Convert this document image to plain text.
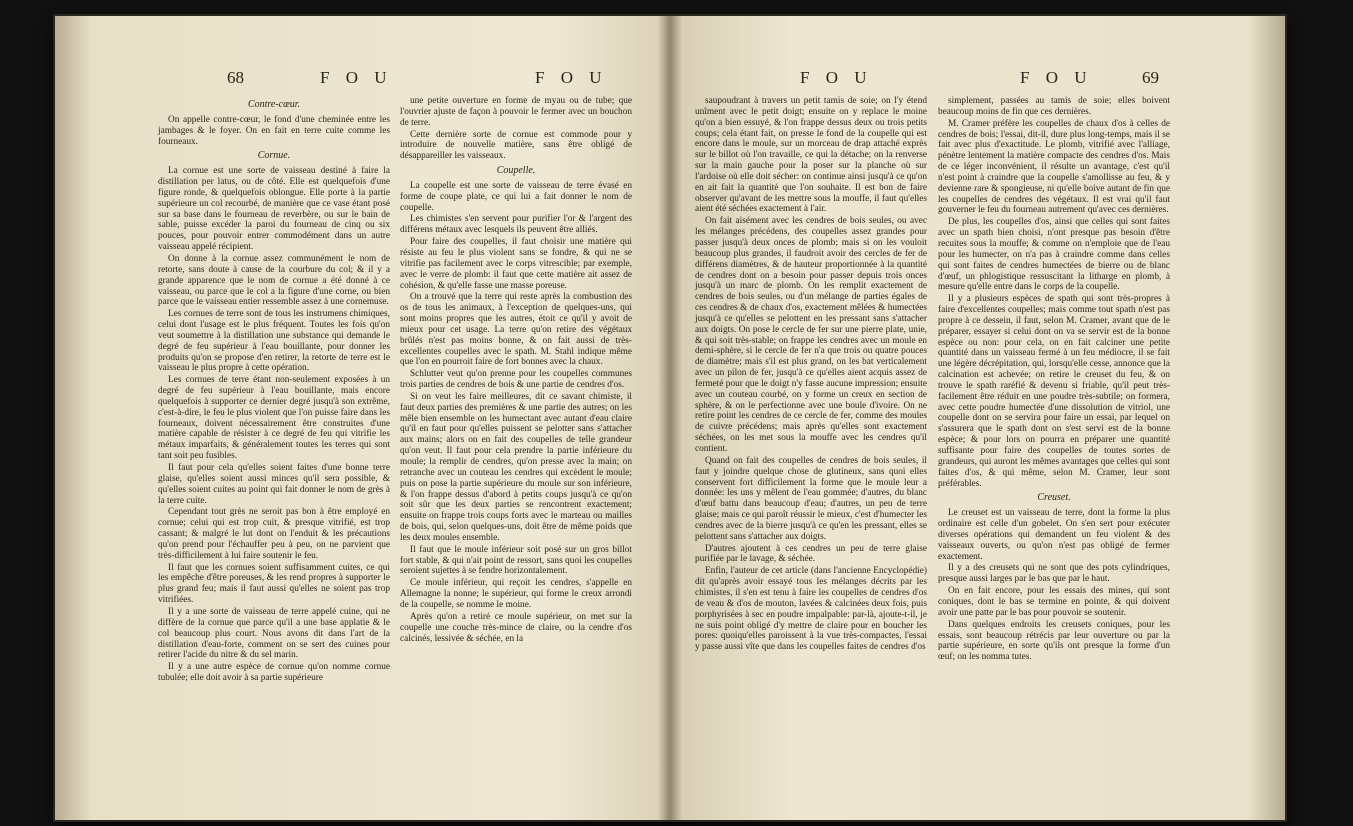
68	F O U	F O U
Contre-cœur.

On appelle contre-cœur, le fond d'une cheminée entre les jambages & le foyer. On en fait en terre cuite comme les fourneaux.

Cornue.

La cornue est une sorte de vaisseau destiné à faire la distillation per latus, ou de côté. Elle est quelquefois d'une figure ronde, & quelquefois oblongue. Elle porte à la partie supérieure un col recourbé, de manière que ce vase étant posé sur sa base dans le fourneau de reverbère, ou sur le bain de sable, puisse excéder la paroi du fourneau de cinq ou six pouces, pour pouvoir entrer commodément dans un autre vaisseau appelé récipient.

On donne à la cornue assez communément le nom de retorte, sans doute à cause de la courbure du col; & il y a grande apparence que le nom de cornue a été donné à ce vaisseau, ou parce que le col a la figure d'une corne, ou bien parce que le vaisseau entier ressemble assez à une cornemuse.

Les cornues de terre sont de tous les instrumens chimiques, celui dont l'usage est le plus fréquent. Toutes les fois qu'on veut soumettre à la distillation une substance qui demande le degré de feu supérieur à l'eau bouillante, pour donner les produits qu'on se propose d'en retirer, la retorte de terre est le vaisseau le plus propre à cette opération.

Les cornues de terre étant non-seulement exposées à un degré de feu supérieur à l'eau bouillante, mais encore quelquefois à supporter ce dernier degré jusqu'à son extrême, c'est-à-dire, le feu le plus violent que l'on puisse faire dans les fourneaux, doivent nécessairement être construites d'une matière capable de résister à ce degré de feu qui vitrifie les métaux imparfaits, & généralement toutes les terres qui sont tant soit peu fusibles.

Il faut pour cela qu'elles soient faites d'une bonne terre glaise, qu'elles soient aussi minces qu'il sera possible, & qu'elles soient cuites au point qui fait donner le nom de grès à la terre cuite.

Cependant tout grès ne seroit pas bon à être employé en cornue; celui qui est trop cuit, & presque vitrifié, est trop cassant; & malgré le lut dont on l'enduit & les précautions qu'on prend pour l'échauffer peu à peu, on ne parvient que très-difficilement à lui faire soutenir le feu.

Il faut que les cornues soient suffisamment cuites, ce qui les empêche d'être poreuses, & les rend propres à supporter le plus grand feu; mais il faut aussi qu'elles ne soient pas trop vitrifiées.

Il y a une sorte de vaisseau de terre appelé cuine, qui ne diffère de la cornue que parce qu'il a une base applatie & le col beaucoup plus court. Nous avons dit dans l'art de la distillation d'eau-forte, comment on se sert des cuines pour retirer l'acide du nitre & du sel marin.

Il y a une autre espèce de cornue qu'on nomme cornue tubulée; elle doit avoir à sa partie supérieure

une petite ouverture en forme de myau ou de tube; que l'ouvrier ajuste de façon à pouvoir le fermer avec un bouchon de terre.

Cette dernière sorte de cornue est commode pour y introduire de nouvelle matière, sans être obligé de désappareiller les vaisseaux.

Coupelle.

La coupelle est une sorte de vaisseau de terre évasé en forme de coupe plate, ce qui lui a fait donner le nom de coupelle.

Les chimistes s'en servent pour purifier l'or & l'argent des différens métaux avec lesquels ils peuvent être alliés.

Pour faire des coupelles, il faut choisir une matière qui résiste au feu le plus violent sans se fondre, & qui ne se vitrifie pas facilement avec le corps vitrescible; par exemple, avec le verre de plomb: il faut que cette matière ait assez de cohésion, & qu'elle fasse une masse poreuse.

On a trouvé que la terre qui reste après la combustion des os de tous les animaux, à l'exception de quelques-uns, qui sont moins propres que les autres, étoit ce qu'il y avoit de mieux pour cet usage. La terre qu'on retire des végétaux brûlés n'est pas moins bonne, & on fait aussi de très-excellentes coupelles avec le spath. M. Stahl indique même que l'on en pourroit faire de fort bonnes avec la chaux.

Schlutter veut qu'on prenne pour les coupelles communes trois parties de cendres de bois & une partie de cendres d'os.

Si on veut les faire meilleures, dit ce savant chimiste, il faut deux parties des premières & une partie des autres; on les mêle bien ensemble on les humectant avec autant d'eau claire qu'il en faut pour qu'elles puissent se pelotter sans s'attacher aux mains; alors on en fait des coupelles de telle grandeur qu'on veut. Il faut pour cela prendre la partie inférieure du moule; la remplir de cendres, qu'on presse avec la main; on retranche avec un couteau les cendres qui excèdent le moule; puis on pose la partie supérieure du moule sur son inférieure, & l'on frappe dessus d'abord à petits coups jusqu'à ce qu'on soit sûr que les deux parties se rencontrent exactement; ensuite on frappe trois coups forts avec le marteau ou mailles de bois, qui, selon quelques-uns, doit être de même poids que les deux moules ensemble.

Il faut que le moule inférieur soit posé sur un gros billot fort stable, & qui n'ait point de ressort, sans quoi les coupelles seroient sujettes à se fendre horizontalement.

Ce moule inférieur, qui reçoit les cendres, s'appelle en Allemagne la nonne; le supérieur, qui forme le creux arrondi de la coupelle, se nomme le moine.

Après qu'on a retiré ce moule supérieur, on met sur la coupelle une couche très-mince de claire, ou la cendre d'os calcinés, lessivée & séchée, en la

F O U	F O U	69

saupoudrant à travers un petit tamis de soie; on l'y étend unîment avec le petit doigt; ensuite on y replace le moine qu'on a bien essuyé, & l'on frappe dessus deux ou trois petits coups; cela étant fait, on presse le fond de la coupelle qui est encore dans le moule, sur un morceau de drap attaché exprès sur le billot où l'on travaille, ce qui la détache; on la renverse sur la main gauche pour la poser sur la planche où sur l'ardoise où elle doit sécher: on continue ainsi jusqu'à ce qu'on en ait fait la quantité que l'on souhaite. Il est bon de faire observer qu'avant de les mettre sous la mouffe, il faut qu'elles aient été séchées exactement à l'air.

On fait aisément avec les cendres de bois seules, ou avec les mélanges précédens, des coupelles assez grandes pour passer jusqu'à deux onces de plomb; mais si on les vouloit beaucoup plus grandes, il faudroit avoir des cercles de fer de différens diamètres, & de hauteur proportionnée à la quantité de cendres dont on a besoin pour passer depuis trois onces jusqu'à un marc de plomb. On les remplit exactement de cendres de bois seules, ou d'un mélange de parties égales de ces cendres & de chaux d'os, exactement mêlées & humectées jusqu'à ce qu'elles se pelottent en les pressant sans s'attacher aux doigts. On pose le cercle de fer sur une pierre plate, unie, & qui soit très-stable; on frappe les cendres avec un moule en demi-sphère, si le cercle de fer n'a que trois ou quatre pouces de diamètre; mais s'il est plus grand, on les bat verticalement avec un pilon de fer, jusqu'à ce qu'elles aient acquis assez de fermeté pour que le doigt n'y fasse aucune impression; ensuite avec un couteau courbé, on y forme un creux en section de sphère, & on le perfectionne avec une boule d'ivoire. On ne retire point les cendres de ce cercle de fer, comme des moules de cuivre précédens; mais après qu'elles sont exactement séchées, on les met sous la mouffe avec les cendres qu'il contient.

Quand on fait des coupelles de cendres de bois seules, il faut y joindre quelque chose de glutineux, sans quoi elles conservent fort difficilement la forme que le moule leur a donnée: les uns y mêlent de l'eau gommée; d'autres, du blanc d'œuf battu dans beaucoup d'eau; d'autres, un peu de terre glaise; mais ce qui paroît réussir le mieux, c'est d'humecter les cendres avec de la bierre jusqu'à ce qu'en les pressant, elles se pelottent sans s'attacher aux doigts.

D'autres ajoutent à ces cendres un peu de terre glaise purifiée par le lavage, & séchée.

Enfin, l'auteur de cet article (dans l'ancienne Encyclopédie) dit qu'après avoir essayé tous les mélanges décrits par les chimistes, il s'en est tenu à faire les coupelles de cendres d'os de veau & d'os de mouton, lavées & calcinées deux fois, puis porphyrisées à sec en poudre impalpable: par-là, ajoute-t-il, je ne suis point obligé d'y mettre de claire pour en boucher les pores: quoiqu'elles paroissent à la vue très-compactes, l'essai y passe aussi vîte que dans les coupelles faites de cendres d'os

simplement, passées au tamis de soie; elles boivent beaucoup moins de fin que ces dernières.

M. Cramer préfère les coupelles de chaux d'os à celles de cendres de bois; l'essai, dit-il, dure plus long-temps, mais il se fait avec plus d'exactitude. Le plomb, vitrifié avec l'alliage, pénètre lentement la matière compacte des cendres d'os. Mais de ce léger inconvénient, il résulte un avantage, c'est qu'il n'est point à craindre que la coupelle s'amollisse au feu, & y devienne rare & spongieuse, ni qu'elle boive autant de fin que les coupelles de cendres des végétaux. Il est vrai qu'il faut gouverner le feu du fourneau autrement qu'avec ces dernières.

De plus, les coupelles d'os, ainsi que celles qui sont faites avec un spath bien choisi, n'ont presque pas besoin d'être recuites sous la mouffe; & comme on n'emploie que de l'eau pour les humecter, on n'a pas à craindre comme dans celles qui sont faites de cendres humectées de bierre ou de blanc d'œuf, un phlogistique ressuscitant la litharge en plomb, à mesure qu'elle entre dans le corps de la coupelle.

Il y a plusieurs espèces de spath qui sont très-propres à faire d'excellentes coupelles; mais comme tout spath n'est pas propre à ce dessein, il faut, selon M. Cramer, avant que de le préparer, essayer si celui dont on va se servir est de la bonne espèce ou non: pour cela, on en fait calciner une petite quantité dans un vaisseau fermé à un feu médiocre, il se fait une légère décrépitation, qui, lorsqu'elle cesse, annonce que la calcination est achevée; on retire le creuset du feu, & on trouve le spath raréfié & devenu si friable, qu'il peut très-facilement être réduit en une poudre très-subtile; on formera, avec cette poudre humectée d'une dissolution de vitriol, une coupelle dont on se servira pour faire un essai, par lequel on s'assurera que le spath dont on s'est servi est de la bonne espèce; & pour lors on pourra en préparer une quantité suffisante pour faire des coupelles de toutes sortes de grandeurs, qui auront les mêmes avantages que celles qui sont faites d'os, & qui même, selon M. Cramer, leur sont préférables.

Creuset.

Le creuset est un vaisseau de terre, dont la forme la plus ordinaire est celle d'un gobelet. On s'en sert pour exécuter diverses opérations qui demandent un feu violent & des vaisseaux ouverts, ou qu'on n'est pas obligé de fermer exactement.

Il y a des creusets qui ne sont que des pots cylindriques, presque aussi larges par le bas que par le haut.

On en fait encore, pour les essais des mines, qui sont coniques, dont le bas se termine en pointe, & qui doivent avoir une patte par le bas pour pouvoir se soutenir.

Dans quelques endroits les creusets coniques, pour les essais, sont beaucoup rétrécis par leur ouverture ou par la partie supérieure, en sorte qu'ils ont presque la forme d'un œuf; on les nomma tutes.
